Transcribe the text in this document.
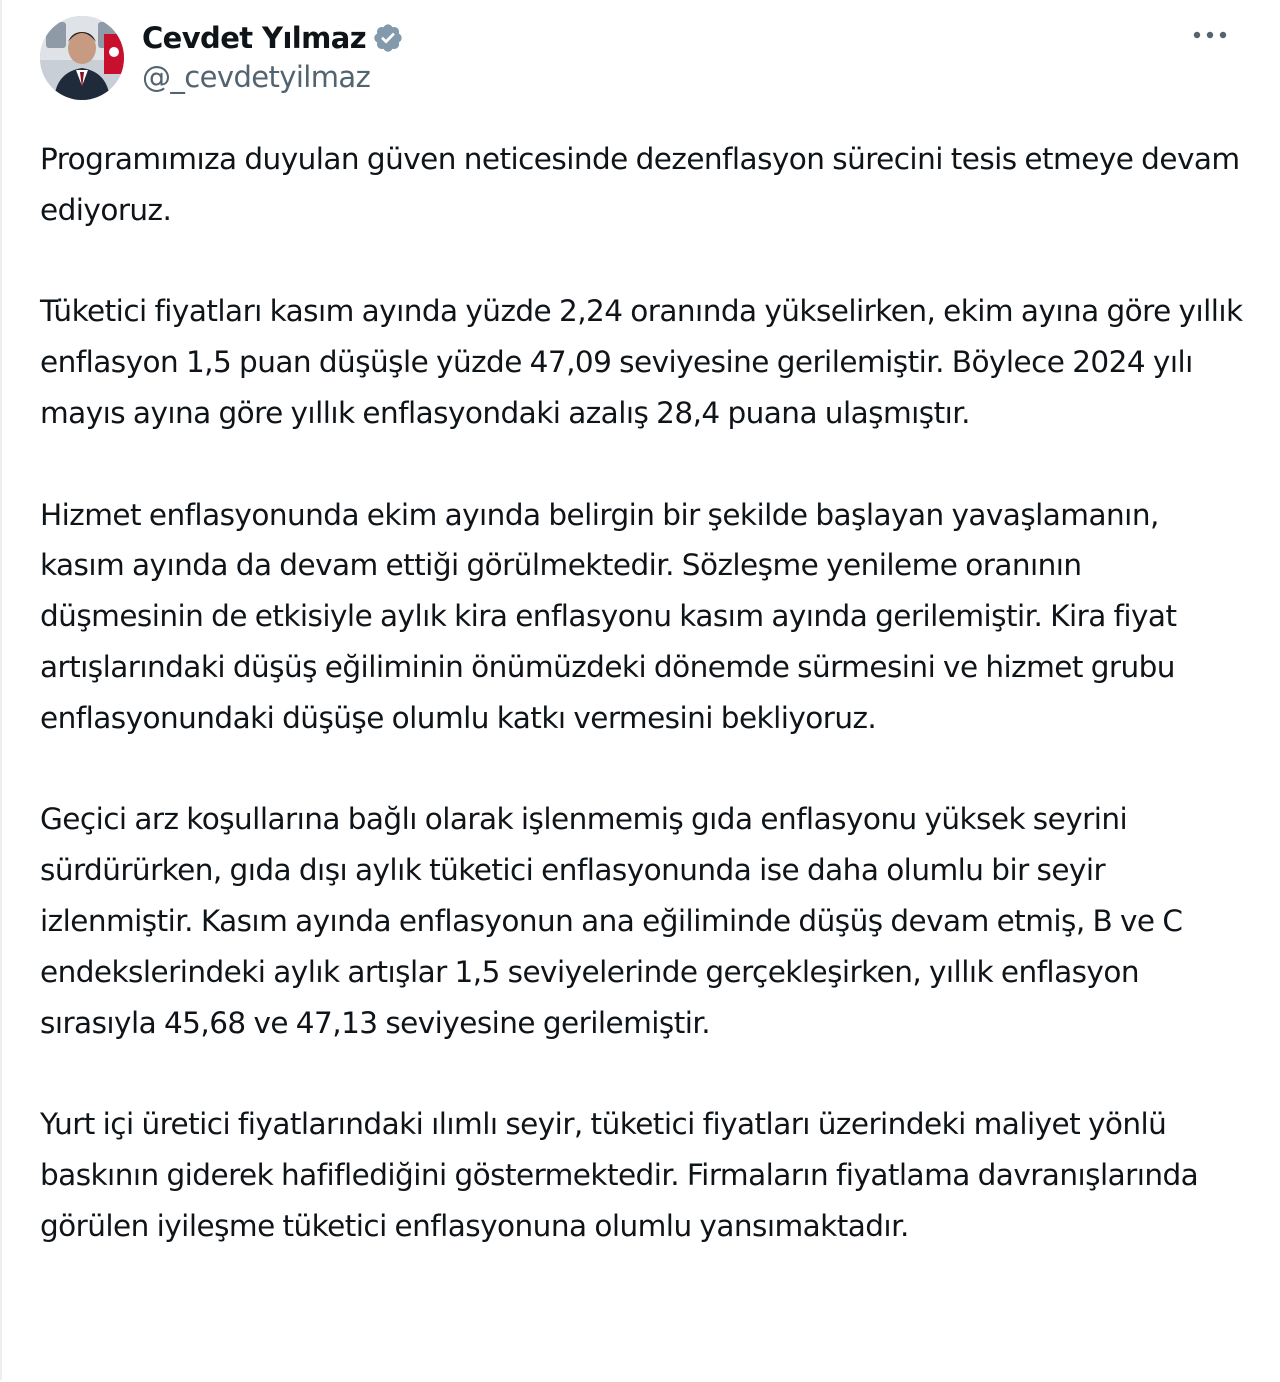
Cevdet Yılmaz
@_cevdetyilmaz

Programımıza duyulan güven neticesinde dezenflasyon sürecini tesis etmeye devam ediyoruz.

Tüketici fiyatları kasım ayında yüzde 2,24 oranında yükselirken, ekim ayına göre yıllık enflasyon 1,5 puan düşüşle yüzde 47,09 seviyesine gerilemiştir. Böylece 2024 yılı mayıs ayına göre yıllık enflasyondaki azalış 28,4 puana ulaşmıştır.

Hizmet enflasyonunda ekim ayında belirgin bir şekilde başlayan yavaşlamanın, kasım ayında da devam ettiği görülmektedir. Sözleşme yenileme oranının düşmesinin de etkisiyle aylık kira enflasyonu kasım ayında gerilemiştir. Kira fiyat artışlarındaki düşüş eğiliminin önümüzdeki dönemde sürmesini ve hizmet grubu enflasyonundaki düşüşe olumlu katkı vermesini bekliyoruz.

Geçici arz koşullarına bağlı olarak işlenmemiş gıda enflasyonu yüksek seyrini sürdürürken, gıda dışı aylık tüketici enflasyonunda ise daha olumlu bir seyir izlenmiştir. Kasım ayında enflasyonun ana eğiliminde düşüş devam etmiş, B ve C endekslerindeki aylık artışlar 1,5 seviyelerinde gerçekleşirken, yıllık enflasyon sırasıyla 45,68 ve 47,13 seviyesine gerilemiştir.

Yurt içi üretici fiyatlarındaki ılımlı seyir, tüketici fiyatları üzerindeki maliyet yönlü baskının giderek hafiflediğini göstermektedir. Firmaların fiyatlama davranışlarında görülen iyileşme tüketici enflasyonuna olumlu yansımaktadır.
